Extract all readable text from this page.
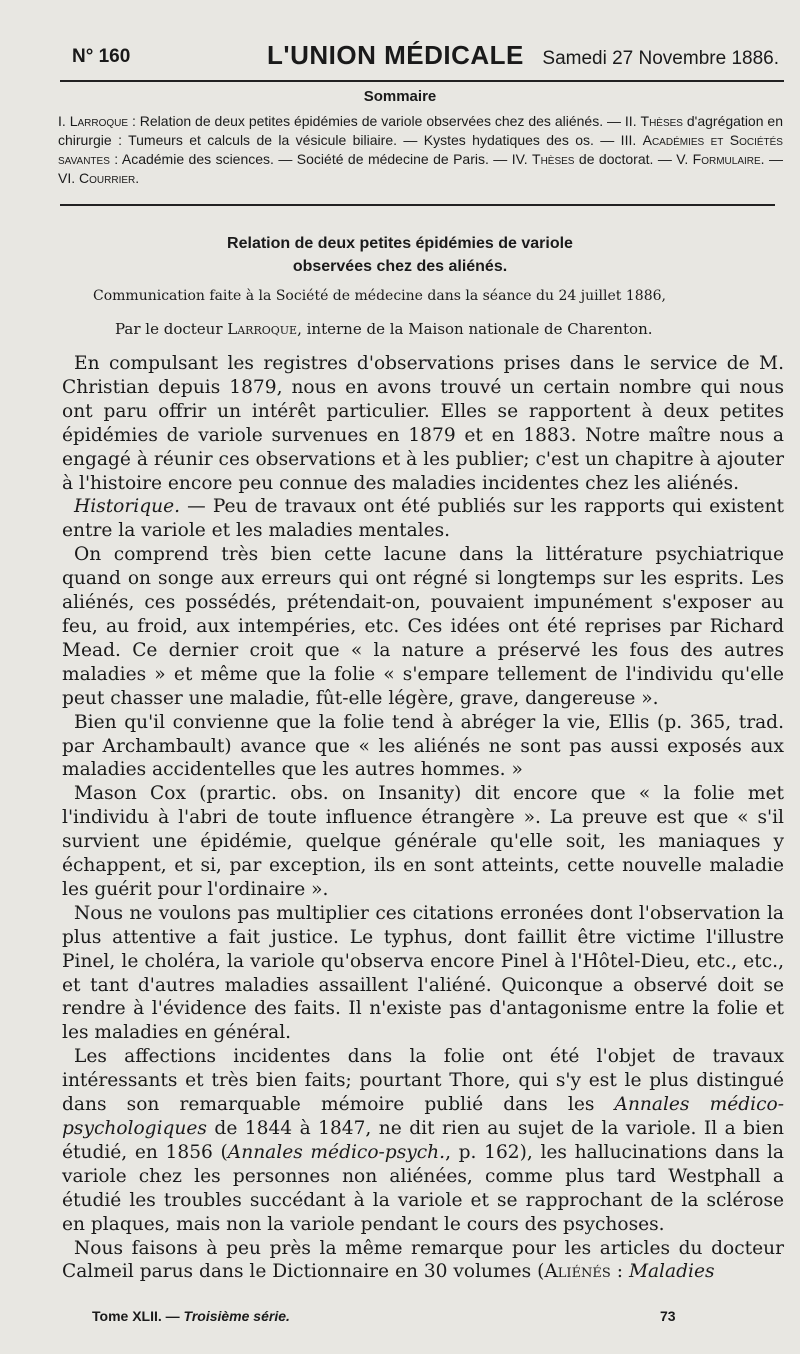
N° 160	L'UNION MÉDICALE Samedi 27 Novembre 1886.
Sommaire
I. Larroque : Relation de deux petites épidémies de variole observées chez des aliénés. — II. Thèses d'agrégation en chirurgie : Tumeurs et calculs de la vésicule biliaire. — Kystes hydatiques des os. — III. Académies et Sociétés savantes : Académie des sciences. — Société de médecine de Paris. — IV. Thèses de doctorat. — V. Formulaire. — VI. Courrier.
Relation de deux petites épidémies de variole
observées chez des aliénés.
Communication faite à la Société de médecine dans la séance du 24 juillet 1886,
Par le docteur Larroque, interne de la Maison nationale de Charenton.

En compulsant les registres d'observations prises dans le service de M. Christian depuis 1879, nous en avons trouvé un certain nombre qui nous ont paru offrir un intérêt particulier. Elles se rapportent à deux petites épidémies de variole survenues en 1879 et en 1883. Notre maître nous a engagé à réunir ces observations et à les publier; c'est un chapitre à ajouter à l'histoire encore peu connue des maladies incidentes chez les aliénés.

Historique. — Peu de travaux ont été publiés sur les rapports qui existent entre la variole et les maladies mentales.

On comprend très bien cette lacune dans la littérature psychiatrique quand on songe aux erreurs qui ont régné si longtemps sur les esprits. Les aliénés, ces possédés, prétendait-on, pouvaient impunément s'exposer au feu, au froid, aux intempéries, etc. Ces idées ont été reprises par Richard Mead. Ce dernier croit que « la nature a préservé les fous des autres maladies » et même que la folie « s'empare tellement de l'individu qu'elle peut chasser une maladie, fût-elle légère, grave, dangereuse ».

Bien qu'il convienne que la folie tend à abréger la vie, Ellis (p. 365, trad. par Archambault) avance que « les aliénés ne sont pas aussi exposés aux maladies accidentelles que les autres hommes. »

Mason Cox (prartic. obs. on Insanity) dit encore que « la folie met l'individu à l'abri de toute influence étrangère ». La preuve est que « s'il survient une épidémie, quelque générale qu'elle soit, les maniaques y échappent, et si, par exception, ils en sont atteints, cette nouvelle maladie les guérit pour l'ordinaire ».

Nous ne voulons pas multiplier ces citations erronées dont l'observation la plus attentive a fait justice. Le typhus, dont faillit être victime l'illustre Pinel, le choléra, la variole qu'observa encore Pinel à l'Hôtel-Dieu, etc., etc., et tant d'autres maladies assaillent l'aliéné. Quiconque a observé doit se rendre à l'évidence des faits. Il n'existe pas d'antagonisme entre la folie et les maladies en général.

Les affections incidentes dans la folie ont été l'objet de travaux intéressants et très bien faits; pourtant Thore, qui s'y est le plus distingué dans son remarquable mémoire publié dans les Annales médico-psychologiques de 1844 à 1847, ne dit rien au sujet de la variole. Il a bien étudié, en 1856 (Annales médico-psych., p. 162), les hallucinations dans la variole chez les personnes non aliénées, comme plus tard Westphall a étudié les troubles succédant à la variole et se rapprochant de la sclérose en plaques, mais non la variole pendant le cours des psychoses.

Nous faisons à peu près la même remarque pour les articles du docteur Calmeil parus dans le Dictionnaire en 30 volumes (Aliénés : Maladies

Tome XLII. — Troisième série.	73
